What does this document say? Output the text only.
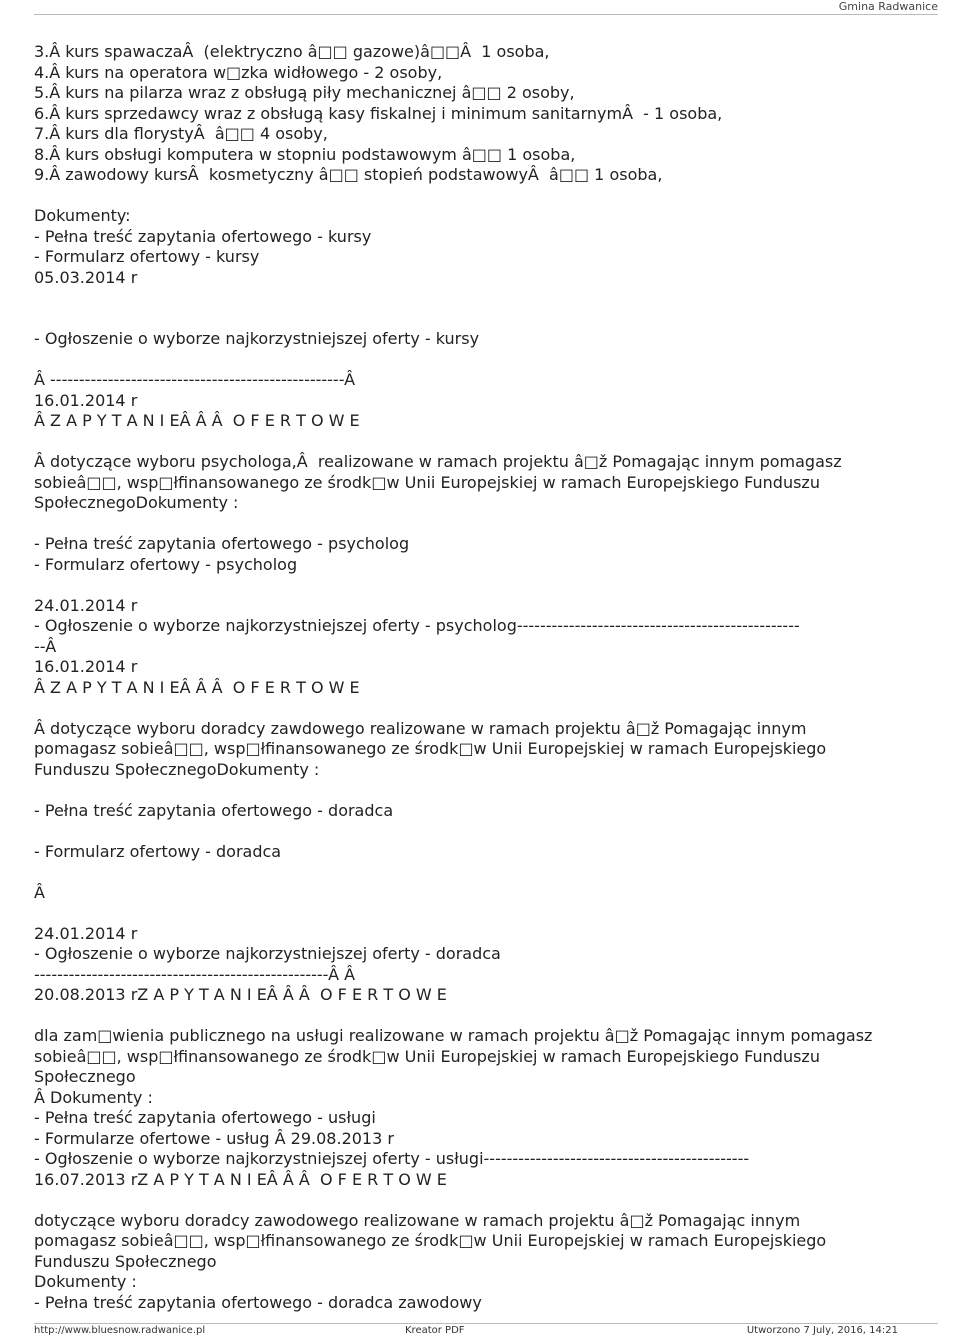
Gmina Radwanice
3.Â kurs spawaczaÂ  (elektryczno â□□ gazowe)â□□Â  1 osoba,
4.Â kurs na operatora w□zka widłowego - 2 osoby,
5.Â kurs na pilarza wraz z obsługą piły mechanicznej â□□ 2 osoby,
6.Â kurs sprzedawcy wraz z obsługą kasy fiskalnej i minimum sanitarnymÂ  - 1 osoba,
7.Â kurs dla florystyÂ  â□□ 4 osoby,
8.Â kurs obsługi komputera w stopniu podstawowym â□□ 1 osoba,
9.Â zawodowy kursÂ  kosmetyczny â□□ stopień podstawowyÂ  â□□ 1 osoba,
Dokumenty:
- Pełna treść zapytania ofertowego - kursy
- Formularz ofertowy - kursy
05.03.2014 r
- Ogłoszenie o wyborze najkorzystniejszej oferty - kursy
Â ---------------------------------------------------Â
16.01.2014 r
Â Z A P Y T A N I EÂ Â Â  O F E R T O W E
Â dotyczące wyboru psychologa,Â  realizowane w ramach projektu â□ž Pomagając innym pomagasz
sobieâ□□, wsp□łfinansowanego ze środk□w Unii Europejskiej w ramach Europejskiego Funduszu
SpołecznegoDokumenty :
- Pełna treść zapytania ofertowego - psycholog
- Formularz ofertowy - psycholog
24.01.2014 r
- Ogłoszenie o wyborze najkorzystniejszej oferty - psycholog-------------------------------------------------
--Â
16.01.2014 r
Â Z A P Y T A N I EÂ Â Â  O F E R T O W E
Â dotyczące wyboru doradcy zawdowego realizowane w ramach projektu â□ž Pomagając innym
pomagasz sobieâ□□, wsp□łfinansowanego ze środk□w Unii Europejskiej w ramach Europejskiego
Funduszu SpołecznegoDokumenty :
- Pełna treść zapytania ofertowego - doradca
- Formularz ofertowy - doradca
Â
24.01.2014 r
- Ogłoszenie o wyborze najkorzystniejszej oferty - doradca
---------------------------------------------------Â Â
20.08.2013 rZ A P Y T A N I EÂ Â Â  O F E R T O W E
dla zam□wienia publicznego na usługi realizowane w ramach projektu â□ž Pomagając innym pomagasz
sobieâ□□, wsp□łfinansowanego ze środk□w Unii Europejskiej w ramach Europejskiego Funduszu
Społecznego
Â Dokumenty :
- Pełna treść zapytania ofertowego - usługi
- Formularze ofertowe - usług Â 29.08.2013 r
- Ogłoszenie o wyborze najkorzystniejszej oferty - usługi----------------------------------------------
16.07.2013 rZ A P Y T A N I EÂ Â Â  O F E R T O W E
dotyczące wyboru doradcy zawodowego realizowane w ramach projektu â□ž Pomagając innym
pomagasz sobieâ□□, wsp□łfinansowanego ze środk□w Unii Europejskiej w ramach Europejskiego
Funduszu Społecznego
Dokumenty :
- Pełna treść zapytania ofertowego - doradca zawodowy
http://www.bluesnow.radwanice.pl	Kreator PDF	Utworzono 7 July, 2016, 14:21
